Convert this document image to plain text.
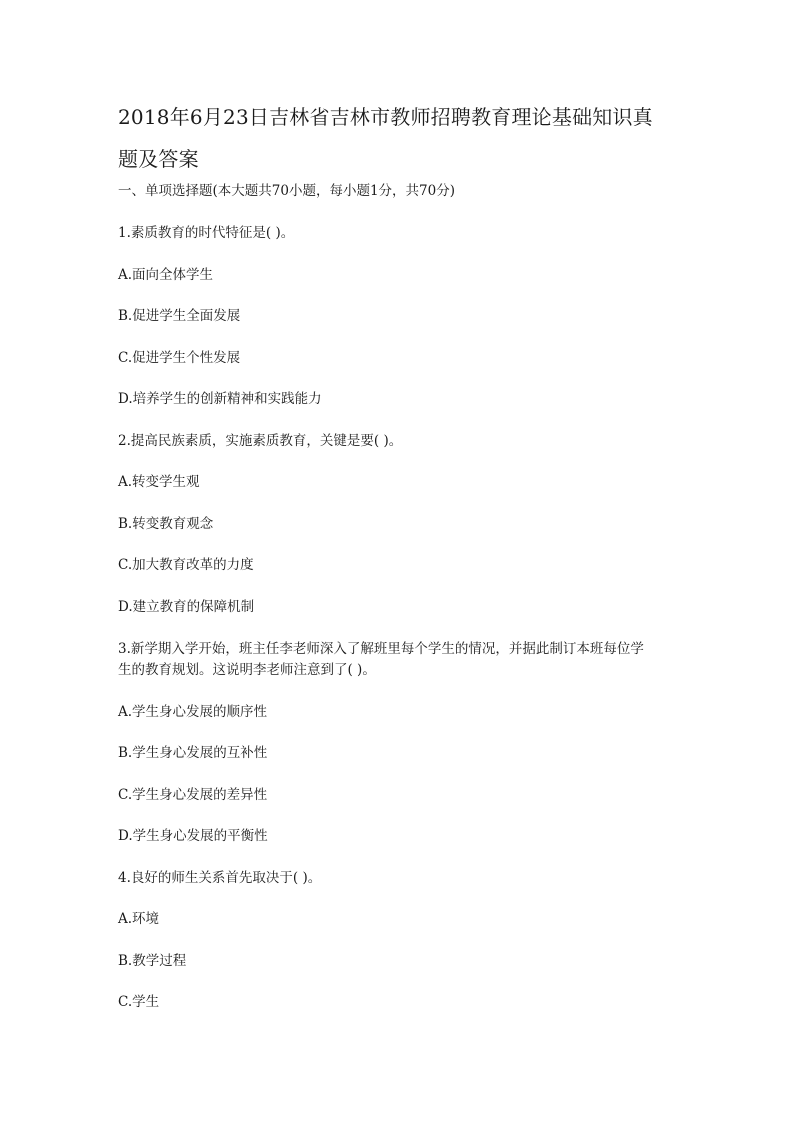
2018年6月23日吉林省吉林市教师招聘教育理论基础知识真
题及答案
一、单项选择题(本大题共70小题，每小题1分，共70分)
1.素质教育的时代特征是( )。
A.面向全体学生
B.促进学生全面发展
C.促进学生个性发展
D.培养学生的创新精神和实践能力
2.提高民族素质，实施素质教育，关键是要( )。
A.转变学生观
B.转变教育观念
C.加大教育改革的力度
D.建立教育的保障机制
3.新学期入学开始，班主任李老师深入了解班里每个学生的情况，并据此制订本班每位学
生的教育规划。这说明李老师注意到了( )。
A.学生身心发展的顺序性
B.学生身心发展的互补性
C.学生身心发展的差异性
D.学生身心发展的平衡性
4.良好的师生关系首先取决于( )。
A.环境
B.教学过程
C.学生
